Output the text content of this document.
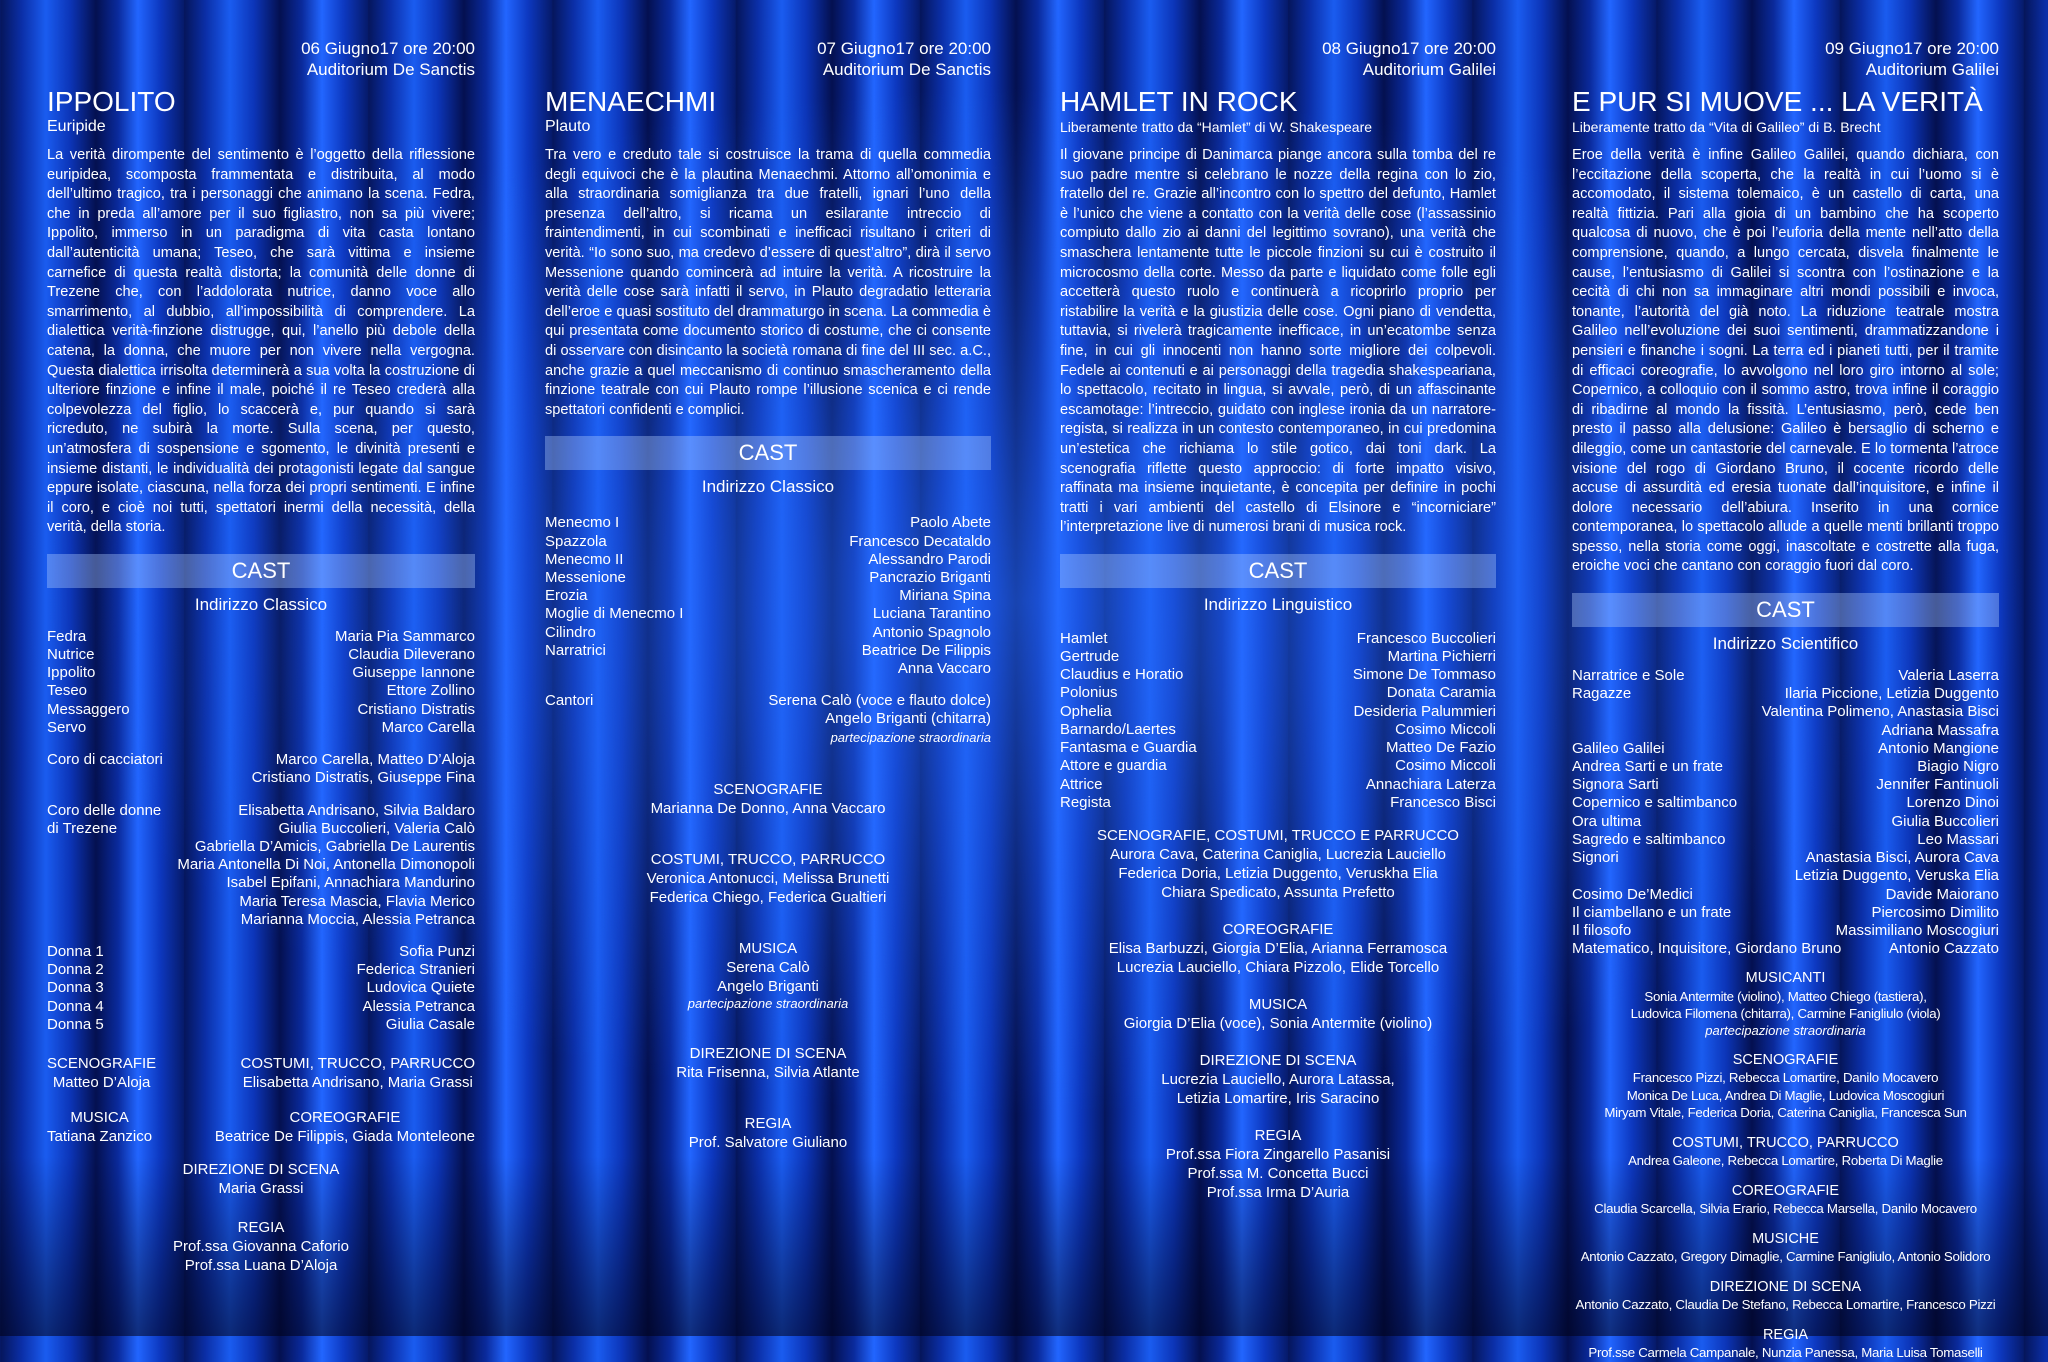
06 Giugno17 ore 20:00
Auditorium De Sanctis
IPPOLITO
Euripide
La verità dirompente del sentimento è l’oggetto della riflessione euripidea, scomposta frammentata e distribuita, al modo dell’ultimo tragico, tra i personaggi che animano la scena. Fedra, che in preda all’amore per il suo figliastro, non sa più vivere; Ippolito, immerso in un paradigma di vita casta lontano dall’autenticità umana; Teseo, che sarà vittima e insieme carnefice di questa realtà distorta; la comunità delle donne di Trezene che, con l’addolorata nutrice, danno voce allo smarrimento, al dubbio, all’impossibilità di comprendere. La dialettica verità-finzione distrugge, qui, l’anello più debole della catena, la donna, che muore per non vivere nella vergogna. Questa dialettica irrisolta determinerà a sua volta la costruzione di ulteriore finzione e infine il male, poiché il re Teseo crederà alla colpevolezza del figlio, lo scaccerà e, pur quando si sarà ricreduto, ne subirà la morte. Sulla scena, per questo, un’atmosfera di sospensione e sgomento, le divinità presenti e insieme distanti, le individualità dei protagonisti legate dal sangue eppure isolate, ciascuna, nella forza dei propri sentimenti. E infine il coro, e cioè noi tutti, spettatori inermi della necessità, della verità, della storia.
CAST
Indirizzo Classico
Fedra	Maria Pia Sammarco
Nutrice	Claudia Dileverano
Ippolito	Giuseppe Iannone
Teseo	Ettore Zollino
Messaggero	Cristiano Distratis
Servo	Marco Carella
Coro di cacciatori	Marco Carella, Matteo D’Aloja
Cristiano Distratis, Giuseppe Fina
Coro delle donne
di Trezene
Elisabetta Andrisano, Silvia Baldaro
Giulia Buccolieri, Valeria Calò
Gabriella D’Amicis, Gabriella De Laurentis
Maria Antonella Di Noi, Antonella Dimonopoli
Isabel Epifani, Annachiara Mandurino
Maria Teresa Mascia, Flavia Merico
Marianna Moccia, Alessia Petranca
Donna 1	Sofia Punzi
Donna 2	Federica Stranieri
Donna 3	Ludovica Quiete
Donna 4	Alessia Petranca
Donna 5	Giulia Casale
SCENOGRAFIE
Matteo D’Aloja
COSTUMI, TRUCCO, PARRUCCO
Elisabetta Andrisano, Maria Grassi
MUSICA
Tatiana Zanzico
COREOGRAFIE
Beatrice De Filippis, Giada Monteleone
DIREZIONE DI SCENA
Maria Grassi
REGIA
Prof.ssa Giovanna Caforio
Prof.ssa Luana D’Aloja
07 Giugno17 ore 20:00
Auditorium De Sanctis
MENAECHMI
Plauto
Tra vero e creduto tale si costruisce la trama di quella commedia degli equivoci che è la plautina Menaechmi. Attorno all’omonimia e alla straordinaria somiglianza tra due fratelli, ignari l’uno della presenza dell’altro, si ricama un esilarante intreccio di fraintendimenti, in cui scombinati e inefficaci risultano i criteri di verità. “Io sono suo, ma credevo d’essere di quest’altro”, dirà il servo Messenione quando comincerà ad intuire la verità. A ricostruire la verità delle cose sarà infatti il servo, in Plauto degradatio letteraria dell’eroe e quasi sostituto del drammaturgo in scena. La commedia è qui presentata come documento storico di costume, che ci consente di osservare con disincanto la società romana di fine del III sec. a.C., anche grazie a quel meccanismo di continuo smascheramento della finzione teatrale con cui Plauto rompe l’illusione scenica e ci rende spettatori confidenti e complici.
CAST
Indirizzo Classico
Menecmo I	Paolo Abete
Spazzola	Francesco Decataldo
Menecmo II	Alessandro Parodi
Messenione	Pancrazio Briganti
Erozia	Miriana Spina
Moglie di Menecmo I	Luciana Tarantino
Cilindro	Antonio Spagnolo
Narratrici	Beatrice De Filippis
Anna Vaccaro
Cantori	Serena Calò (voce e flauto dolce)
Angelo Briganti (chitarra)
partecipazione straordinaria
SCENOGRAFIE
Marianna De Donno, Anna Vaccaro
COSTUMI, TRUCCO, PARRUCCO
Veronica Antonucci, Melissa Brunetti
Federica Chiego, Federica Gualtieri
MUSICA
Serena Calò
Angelo Briganti
partecipazione straordinaria
DIREZIONE DI SCENA
Rita Frisenna, Silvia Atlante
REGIA
Prof. Salvatore Giuliano
08 Giugno17 ore 20:00
Auditorium Galilei
HAMLET IN ROCK
Liberamente tratto da “Hamlet” di W. Shakespeare
Il giovane principe di Danimarca piange ancora sulla tomba del re suo padre mentre si celebrano le nozze della regina con lo zio, fratello del re. Grazie all’incontro con lo spettro del defunto, Hamlet è l’unico che viene a contatto con la verità delle cose (l’assassinio compiuto dallo zio ai danni del legittimo sovrano), una verità che smaschera lentamente tutte le piccole finzioni su cui è costruito il microcosmo della corte. Messo da parte e liquidato come folle egli accetterà questo ruolo e continuerà a ricoprirlo proprio per ristabilire la verità e la giustizia delle cose. Ogni piano di vendetta, tuttavia, si rivelerà tragicamente inefficace, in un’ecatombe senza fine, in cui gli innocenti non hanno sorte migliore dei colpevoli. Fedele ai contenuti e ai personaggi della tragedia shakespeariana, lo spettacolo, recitato in lingua, si avvale, però, di un affascinante escamotage: l’intreccio, guidato con inglese ironia da un narratore-regista, si realizza in un contesto contemporaneo, in cui predomina un’estetica che richiama lo stile gotico, dai toni dark. La scenografia riflette questo approccio: di forte impatto visivo, raffinata ma insieme inquietante, è concepita per definire in pochi tratti i vari ambienti del castello di Elsinore e “incorniciare” l’interpretazione live di numerosi brani di musica rock.
CAST
Indirizzo Linguistico
Hamlet	Francesco Buccolieri
Gertrude	Martina Pichierri
Claudius e Horatio	Simone De Tommaso
Polonius	Donata Caramia
Ophelia	Desideria Palummieri
Barnardo/Laertes	Cosimo Miccoli
Fantasma e Guardia	Matteo De Fazio
Attore e guardia	Cosimo Miccoli
Attrice	Annachiara Laterza
Regista	Francesco Bisci
SCENOGRAFIE, COSTUMI, TRUCCO E PARRUCCO
Aurora Cava, Caterina Caniglia, Lucrezia Lauciello
Federica Doria, Letizia Duggento, Veruskha Elia
Chiara Spedicato, Assunta Prefetto
COREOGRAFIE
Elisa Barbuzzi, Giorgia D’Elia, Arianna Ferramosca
Lucrezia Lauciello, Chiara Pizzolo, Elide Torcello
MUSICA
Giorgia D’Elia (voce), Sonia Antermite (violino)
DIREZIONE DI SCENA
Lucrezia Lauciello, Aurora Latassa,
Letizia Lomartire, Iris Saracino
REGIA
Prof.ssa Fiora Zingarello Pasanisi
Prof.ssa M. Concetta Bucci
Prof.ssa Irma D’Auria
09 Giugno17 ore 20:00
Auditorium Galilei
E PUR SI MUOVE ... LA VERITÀ
Liberamente tratto da “Vita di Galileo” di B. Brecht
Eroe della verità è infine Galileo Galilei, quando dichiara, con l’eccitazione della scoperta, che la realtà in cui l’uomo si è accomodato, il sistema tolemaico, è un castello di carta, una realtà fittizia. Pari alla gioia di un bambino che ha scoperto qualcosa di nuovo, che è poi l’euforia della mente nell’atto della comprensione, quando, a lungo cercata, disvela finalmente le cause, l’entusiasmo di Galilei si scontra con l’ostinazione e la cecità di chi non sa immaginare altri mondi possibili e invoca, tonante, l’autorità del già noto. La riduzione teatrale mostra Galileo nell’evoluzione dei suoi sentimenti, drammatizzandone i pensieri e finanche i sogni. La terra ed i pianeti tutti, per il tramite di efficaci coreografie, lo avvolgono nel loro giro intorno al sole; Copernico, a colloquio con il sommo astro, trova infine il coraggio di ribadirne al mondo la fissità. L’entusiasmo, però, cede ben presto il passo alla delusione: Galileo è bersaglio di scherno e dileggio, come un cantastorie del carnevale. E lo tormenta l’atroce visione del rogo di Giordano Bruno, il cocente ricordo delle accuse di assurdità ed eresia tuonate dall’inquisitore, e infine il dolore necessario dell’abiura. Inserito in una cornice contemporanea, lo spettacolo allude a quelle menti brillanti troppo spesso, nella storia come oggi, inascoltate e costrette alla fuga, eroiche voci che cantano con coraggio fuori dal coro.
CAST
Indirizzo Scientifico
Narratrice e Sole	Valeria Laserra
Ragazze	Ilaria Piccione, Letizia Duggento
Valentina Polimeno, Anastasia Bisci
Adriana Massafra
Galileo Galilei	Antonio Mangione
Andrea Sarti e un frate	Biagio Nigro
Signora Sarti	Jennifer Fantinuoli
Copernico e saltimbanco	Lorenzo Dinoi
Ora ultima	Giulia Buccolieri
Sagredo e saltimbanco	Leo Massari
Signori	Anastasia Bisci, Aurora Cava
Letizia Duggento, Veruska Elia
Cosimo De’Medici	Davide Maiorano
Il ciambellano e un frate	Piercosimo Dimilito
Il filosofo	Massimiliano Moscogiuri
Matematico, Inquisitore, Giordano Bruno	Antonio Cazzato
MUSICANTI
Sonia Antermite (violino), Matteo Chiego (tastiera),
Ludovica Filomena (chitarra), Carmine Fanigliulo (viola)
partecipazione straordinaria
SCENOGRAFIE
Francesco Pizzi, Rebecca Lomartire, Danilo Mocavero
Monica De Luca, Andrea Di Maglie, Ludovica Moscogiuri
Miryam Vitale, Federica Doria, Caterina Caniglia, Francesca Sun
COSTUMI, TRUCCO, PARRUCCO
Andrea Galeone, Rebecca Lomartire, Roberta Di Maglie
COREOGRAFIE
Claudia Scarcella, Silvia Erario, Rebecca Marsella, Danilo Mocavero
MUSICHE
Antonio Cazzato, Gregory Dimaglie, Carmine Fanigliulo, Antonio Solidoro
DIREZIONE DI SCENA
Antonio Cazzato, Claudia De Stefano, Rebecca Lomartire, Francesco Pizzi
REGIA
Prof.sse Carmela Campanale, Nunzia Panessa, Maria Luisa Tomaselli
